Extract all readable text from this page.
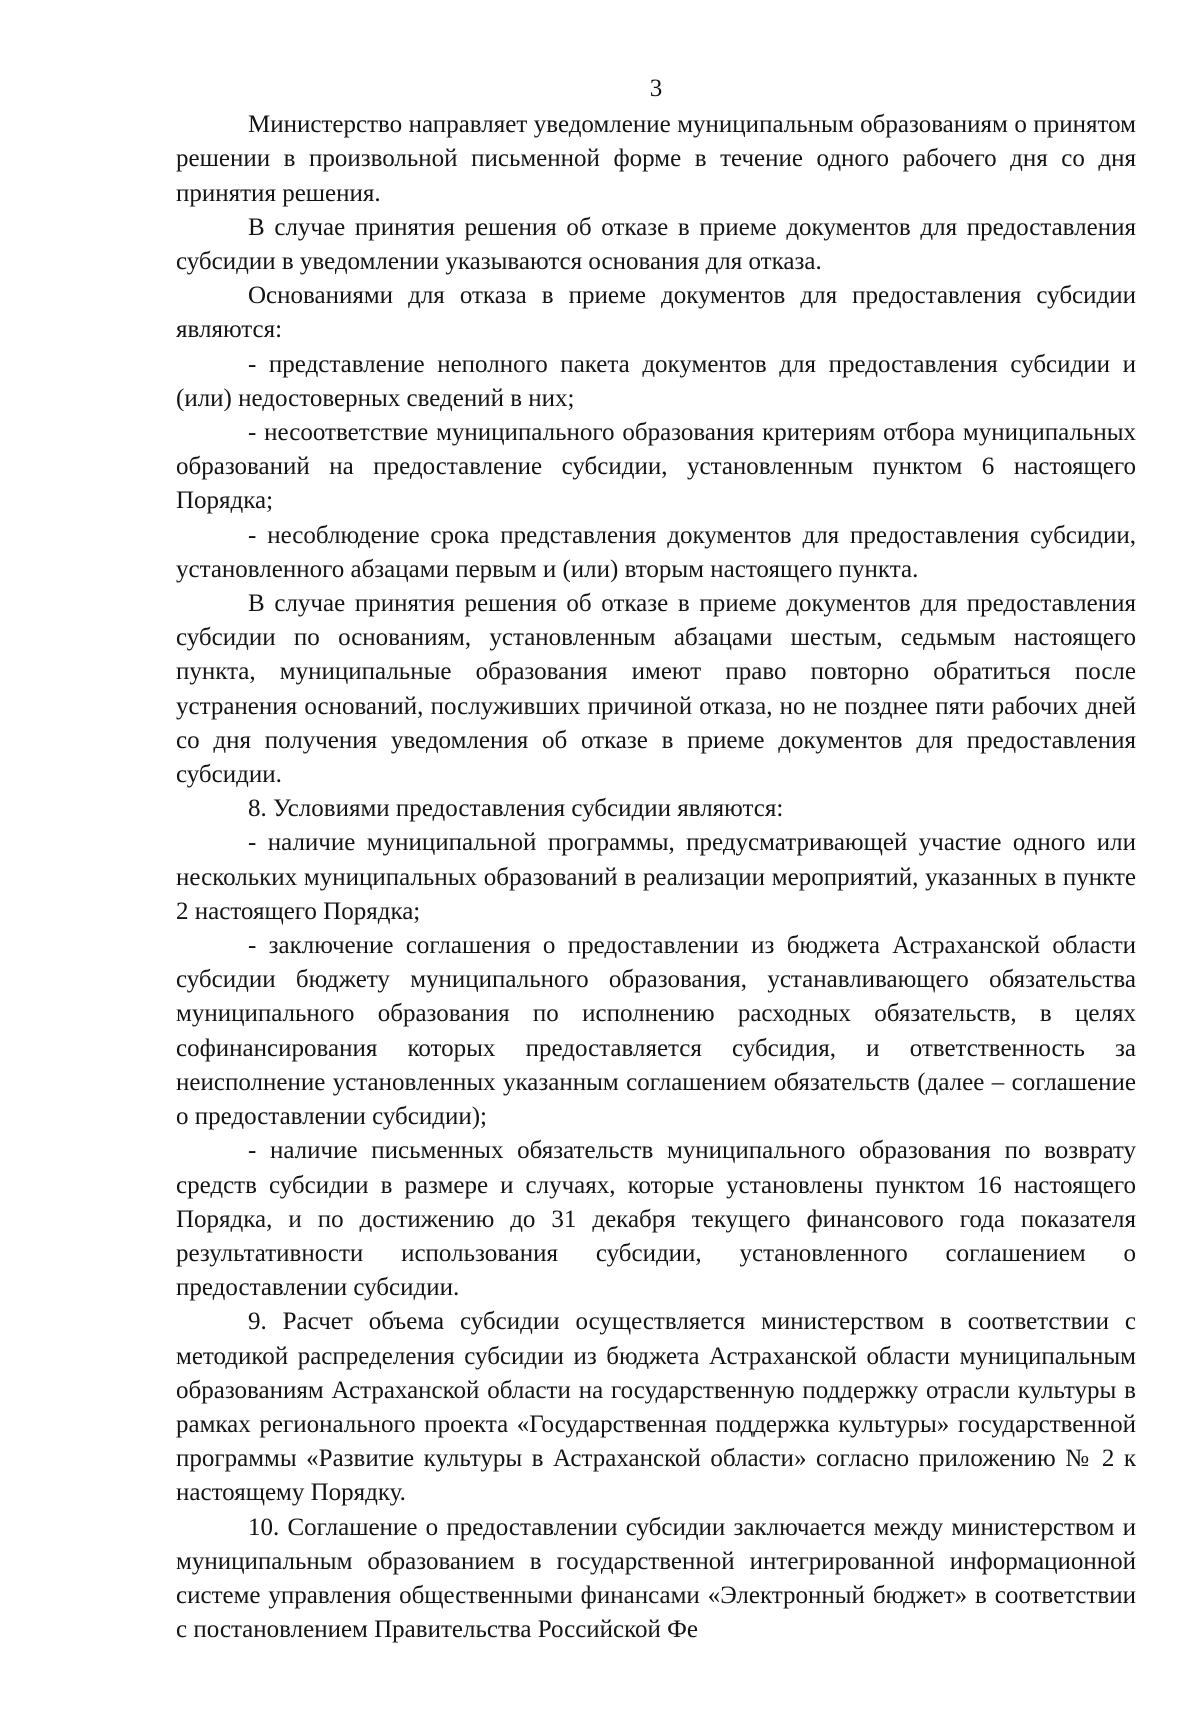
3

Министерство направляет уведомление муниципальным образованиям о принятом решении в произвольной письменной форме в течение одного рабочего дня со дня принятия решения.

В случае принятия решения об отказе в приеме документов для предоставления субсидии в уведомлении указываются основания для отказа.

Основаниями для отказа в приеме документов для предоставления субсидии являются:

- представление неполного пакета документов для предоставления субсидии и (или) недостоверных сведений в них;

- несоответствие муниципального образования критериям отбора муниципальных образований на предоставление субсидии, установленным пунктом 6 настоящего Порядка;

- несоблюдение срока представления документов для предоставления субсидии, установленного абзацами первым и (или) вторым настоящего пункта.

В случае принятия решения об отказе в приеме документов для предоставления субсидии по основаниям, установленным абзацами шестым, седьмым настоящего пункта, муниципальные образования имеют право повторно обратиться после устранения оснований, послуживших причиной отказа, но не позднее пяти рабочих дней со дня получения уведомления об отказе в приеме документов для предоставления субсидии.

8. Условиями предоставления субсидии являются:

- наличие муниципальной программы, предусматривающей участие одного или нескольких муниципальных образований в реализации мероприятий, указанных в пункте 2 настоящего Порядка;

- заключение соглашения о предоставлении из бюджета Астраханской области субсидии бюджету муниципального образования, устанавливающего обязательства муниципального образования по исполнению расходных обязательств, в целях софинансирования которых предоставляется субсидия, и ответственность за неисполнение установленных указанным соглашением обязательств (далее – соглашение о предоставлении субсидии);

- наличие письменных обязательств муниципального образования по возврату средств субсидии в размере и случаях, которые установлены пунктом 16 настоящего Порядка, и по достижению до 31 декабря текущего финансового года показателя результативности использования субсидии, установленного соглашением о предоставлении субсидии.

9. Расчет объема субсидии осуществляется министерством в соответствии с методикой распределения субсидии из бюджета Астраханской области муниципальным образованиям Астраханской области на государственную поддержку отрасли культуры в рамках регионального проекта «Государственная поддержка культуры» государственной программы «Развитие культуры в Астраханской области» согласно приложению № 2 к настоящему Порядку.

10. Соглашение о предоставлении субсидии заключается между министерством и муниципальным образованием в государственной интегрированной информационной системе управления общественными финансами «Электронный бюджет» в соответствии с постановлением Правительства Российской Фе
